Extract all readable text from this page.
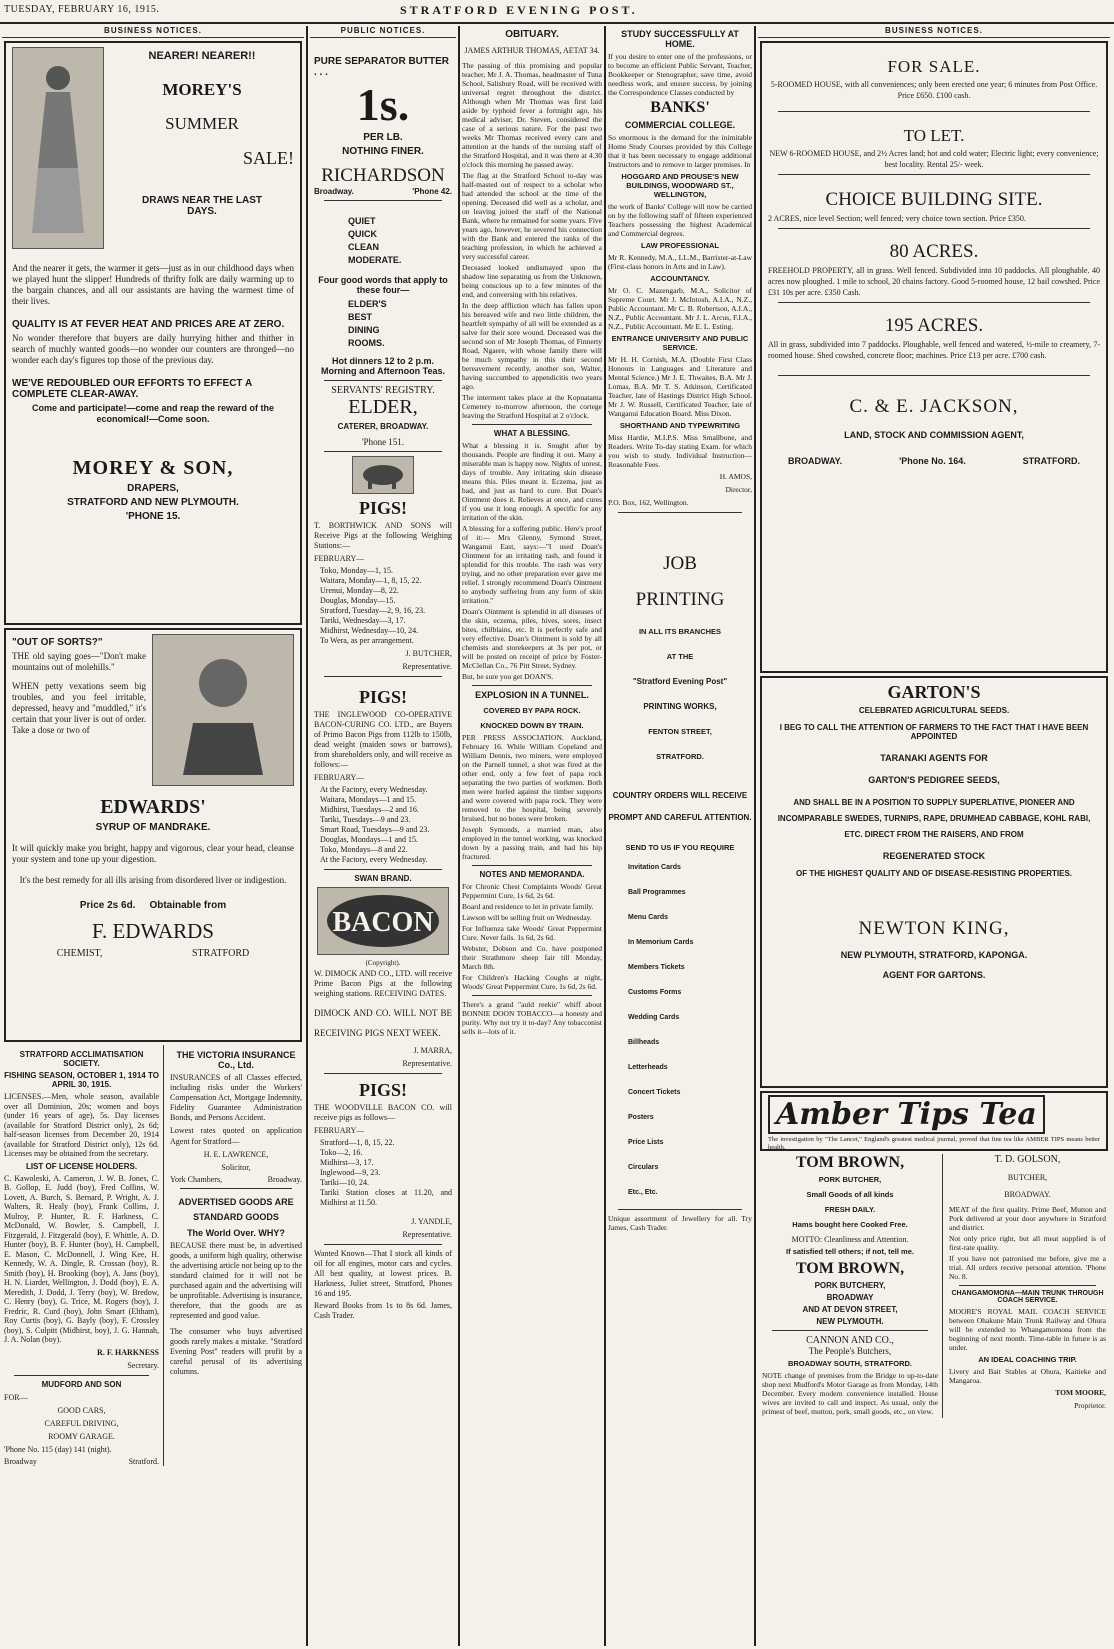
TUESDAY, FEBRUARY 16, 1915.	STRATFORD EVENING POST.
BUSINESS NOTICES.
NEARER! NEARER!!
MOREY'S
SUMMER
SALE!
DRAWS NEAR THE LAST DAYS.
And the nearer it gets, the warmer it gets—just as in our childhood days when we played hunt the slipper! Hundreds of thrifty folk are daily warming up to the bargain chances, and all our assistants are having the warmest time of their lives.
QUALITY IS AT FEVER HEAT AND PRICES ARE AT ZERO.
No wonder therefore that buyers are daily hurrying hither and thither in search of muchly wanted goods—no wonder our counters are thronged—no wonder each day's figures top those of the previous day.
WE'VE REDOUBLED OUR EFFORTS TO EFFECT A COMPLETE CLEAR-AWAY.
Come and participate!—come and reap the reward of the economical!—Come soon.
MOREY & SON,
DRAPERS,
STRATFORD AND NEW PLYMOUTH.
'PHONE 15.
"OUT OF SORTS?"
THE old saying goes—"Don't make mountains out of molehills."
WHEN petty vexations seem big troubles, and you feel irritable, depressed, heavy and "muddled," it's certain that your liver is out of order. Take a dose or two of
EDWARDS'
SYRUP OF MANDRAKE.
It will quickly make you bright, happy and vigorous, clear your head, cleanse your system and tone up your digestion.
It's the best remedy for all ills arising from disordered liver or indigestion.
Price 2s 6d. Obtainable from
F. EDWARDS
CHEMIST,	STRATFORD
STRATFORD ACCLIMATISATION SOCIETY.
FISHING SEASON, OCTOBER 1, 1914 TO APRIL 30, 1915.
LICENSES.—Men, whole season, available over all Dominion, 20s; women and boys (under 16 years of age), 5s. Day licenses (available for Stratford District only), 2s 6d; half-season licenses from December 20, 1914 (available for Stratford District only), 12s 6d. Licenses may be obtained from the secretary.
LIST OF LICENSE HOLDERS.
C. Kawoleski, A. Cameron, J. W. B. Jones, C. B. Gollop, E. Judd (boy), Fred Collins, W. Lovett, A. Burch, S. Bernard, P. Wright, A. J. Walters, R. Healy (boy), Frank Collins, J. Mulroy, P. Hunter, R. F. Harkness, C. McDonald, W. Bowler, S. Campbell, J. Fitzgerald, J. Fitzgerald (boy), F. Whittle, A. D. Hunter (boy), B. F. Hunter (boy), H. Campbell, E. Mason, C. McDonnell, J. Wing Kee, H. Kennedy, W. A. Dingle, R. Crossan (boy), R. Smith (boy), H. Brooking (boy), A. Jans (boy), H. N. Liardet, Wellington, J. Dodd (boy), E. A. Meredith, J. Dodd, J. Terry (boy), W. Bredow, C. Henry (boy), G. Trice, M. Rogers (boy), J. Fredric, R. Curd (boy), John Smart (Eltham), Roy Curtis (boy), G. Bayly (boy), F. Crossley (boy), S. Culpitt (Midhirst, boy), J. G. Hannah, J. A. Nolan (boy).
R. F. HARKNESS
Secretary.
MUDFORD AND SON
FOR—
GOOD CARS,
CAREFUL DRIVING,
ROOMY GARAGE.
'Phone No. 115 (day) 141 (night).
Broadway	Stratford.
THE VICTORIA INSURANCE Co., Ltd.
INSURANCES of all Classes effected, including risks under the Workers' Compensation Act, Mortgage Indemnity, Fidelity Guarantee Administration Bonds, and Persons Accident.
Lowest rates quoted on application Agent for Stratford—
H. E. LAWRENCE,
Solicitor,
York Chambers,	Broadway.
ADVERTISED GOODS ARE STANDARD GOODS
The World Over. WHY?
BECAUSE there must be, in advertised goods, a uniform high quality, otherwise the advertising article not being up to the standard claimed for it will not be purchased again and the advertising will be unprofitable. Advertising is insurance, therefore, that the goods are as represented and good value.
The consumer who buys advertised goods rarely makes a mistake. "Stratford Evening Post" readers will profit by a careful perusal of its advertising columns.
PUBLIC NOTICES.
PURE SEPARATOR BUTTER . . .
1s.
PER LB.
NOTHING FINER.
RICHARDSON
Broadway.	'Phone 42.
QUIET
QUICK
CLEAN
MODERATE.
Four good words that apply to these four—
ELDER'S
BEST
DINING
ROOMS.
Hot dinners 12 to 2 p.m. Morning and Afternoon Teas.
SERVANTS' REGISTRY.
ELDER,
CATERER, BROADWAY.
'Phone 151.
PIGS!
T. BORTHWICK AND SONS will Receive Pigs at the following Weighing Stations:—
FEBRUARY—
Toko, Monday—1, 15.
Waitara, Monday—1, 8, 15, 22.
Urenui, Monday—8, 22.
Douglas, Monday—15.
Stratford, Tuesday—2, 9, 16, 23.
Tariki, Wednesday—3, 17.
Midhirst, Wednesday—10, 24.
To Wera, as per arrangement.
J. BUTCHER,
Representative.
PIGS!
THE INGLEWOOD CO-OPERATIVE BACON-CURING CO. LTD., are Buyers of Primo Bacon Pigs from 112lb to 150lb, dead weight (maiden sows or barrows), from shareholders only, and will receive as follows:—
FEBRUARY—
At the Factory, every Wednesday.
Waitara, Mondays—1 and 15.
Midhirst, Tuesdays—2 and 16.
Tariki, Tuesdays—9 and 23.
Smart Road, Tuesdays—9 and 23.
Douglas, Mondays—1 and 15.
Toko, Mondays—8 and 22.
At the Factory, every Wednesday.
SWAN BRAND.
BACON
(Copyright).
W. DIMOCK AND CO., LTD. will receive Prime Bacon Pigs at the following weighing stations. RECEIVING DATES.
DIMOCK AND CO. WILL NOT BE RECEIVING PIGS NEXT WEEK.
J. MARRA,
Representative.
PIGS!
THE WOODVILLE BACON CO. will receive pigs as follows—
FEBRUARY—
Stratford—1, 8, 15, 22.
Toko—2, 16.
Midhirst—3, 17.
Inglewood—9, 23.
Tariki—10, 24.
Tariki Station closes at 11.20, and Midhirst at 11.50.
J. YANDLE,
Representative.
Wanted Known—That I stock all kinds of oil for all engines, motor cars and cycles. All best quality, at lowest prices. B. Harkness, Juliet street, Stratford, Phones 16 and 195.
Reward Books from 1s to 8s 6d. James, Cash Trader.
OBITUARY.
JAMES ARTHUR THOMAS, AETAT 34.
The passing of this promising and popular teacher, Mr J. A. Thomas, headmaster of Tuna School, Salisbury Road, will be received with universal regret throughout the district. Although when Mr Thomas was first laid aside by typhoid fever a fortnight ago, his medical adviser, Dr. Steven, considered the case of a serious nature. For the past two weeks Mr Thomas received every care and attention at the hands of the nursing staff of the Stratford Hospital, and it was there at 4.30 o'clock this morning he passed away.
The flag at the Stratford School to-day was half-masted out of respect to a scholar who had attended the school at the time of the opening. Deceased did well as a scholar, and on leaving joined the staff of the National Bank, where he remained for some years. Five years ago, however, he severed his connection with the Bank and entered the ranks of the teaching profession, in which he achieved a very successful career.
Deceased looked undismayed upon the shadow line separating us from the Unknown, being conscious up to a few minutes of the end, and conversing with his relatives.
In the deep affliction which has fallen upon his bereaved wife and two little children, the heartfelt sympathy of all will be extended as a salve for their sore wound. Deceased was the second son of Mr Joseph Thomas, of Finnerty Road, Ngaere, with whose family there will be much sympathy in this their second bereavement recently, another son, Walter, having succumbed to appendicitis two years ago.
The interment takes place at the Kopuatama Cemetery to-morrow afternoon, the cortege leaving the Stratford Hospital at 2 o'clock.
WHAT A BLESSING.
What a blessing it is. Sought after by thousands. People are finding it out. Many a miserable man is happy now. Nights of unrest, days of trouble. Any irritating skin disease means this. Piles meant it. Eczema, just as bad, and just as hard to cure. But Doan's Ointment does it. Relieves at once, and cures if you use it long enough. A specific for any irritation of the skin.
A blessing for a suffering public. Here's proof of it:— Mrs Glenny, Symond Street, Wanganui East, says:—"I used Doan's Ointment for an irritating rash, and found it splendid for this trouble. The rash was very trying, and no other preparation ever gave me relief. I strongly recommend Doan's Ointment to anybody suffering from any form of skin irritation."
Doan's Ointment is splendid in all diseases of the skin, eczema, piles, hives, sores, insect bites, chilblains, etc. It is perfectly safe and very effective. Doan's Ointment is sold by all chemists and storekeepers at 3s per pot, or will be posted on receipt of price by Foster-McClellan Co., 76 Pitt Street, Sydney.
But, be sure you get DOAN'S.
EXPLOSION IN A TUNNEL.
COVERED BY PAPA ROCK.
KNOCKED DOWN BY TRAIN.
PER PRESS ASSOCIATION. Auckland, February 16. While William Copeland and William Dennis, two miners, were employed on the Parnell tunnel, a shot was fired at the other end, only a few feet of papa rock separating the two parties of workmen. Both men were hurled against the timber supports and were covered with papa rock. They were removed to the hospital, being severely bruised, but no bones were broken.
Joseph Symonds, a married man, also employed in the tunnel working, was knocked down by a passing train, and had his hip fractured.
NOTES AND MEMORANDA.
For Chronic Chest Complaints Woods' Great Peppermint Cure, 1s 6d, 2s 6d.
Board and residence to let in private family.
Lawson will be selling fruit on Wednesday.
For Influenza take Woods' Great Peppermint Cure. Never fails. 1s 6d, 2s 6d.
Webster, Dobson and Co. have postponed their Strathmore sheep fair till Monday, March 8th.
For Children's Hacking Coughs at night, Woods' Great Peppermint Cure, 1s 6d, 2s 6d.
There's a grand "auld reekie" whiff about BONNIE DOON TOBACCO—a honesty and purity. Why not try it to-day? Any tobacconist sells it—lots of it.
STUDY SUCCESSFULLY AT HOME.
If you desire to enter one of the professions, or to become an efficient Public Servant, Teacher, Bookkeeper or Stenographer, save time, avoid needless work, and ensure success, by joining the Correspondence Classes conducted by
BANKS'
COMMERCIAL COLLEGE.
So enormous is the demand for the inimitable Home Study Courses provided by this College that it has been necessary to engage additional Instructors and to remove to larger premises. In
HOGGARD AND PROUSE'S NEW BUILDINGS, WOODWARD ST., WELLINGTON,
the work of Banks' College will now be carried on by the following staff of fifteen experienced Teachers possessing the highest Academical and Commercial degrees.
LAW PROFESSIONAL
Mr R. Kennedy, M.A., LL.M., Barrister-at-Law (First-class honors in Arts and in Law).
ACCOUNTANCY.
Mr O. C. Mazengarb, M.A., Solicitor of Supreme Court. Mr J. McIntosh, A.I.A., N.Z., Public Accountant. Mr C. B. Robertson, A.I.A., N.Z., Public Accountant. Mr J. L. Arcus, F.I.A., N.Z., Public Accountant. Mr E. L. Esting.
ENTRANCE UNIVERSITY AND PUBLIC SERVICE.
Mr H. H. Cornish, M.A. (Double First Class Honours in Languages and Literature and Mental Science.) Mr J. E. Thwaites, B.A. Mr J. Lomas, B.A. Mr T. S. Atkinson, Certificated Teacher, late of Hastings District High School. Mr J. W. Russell, Certificated Teacher, late of Wanganui Education Board. Miss Dixon.
SHORTHAND AND TYPEWRITING
Miss Hardie, M.I.P.S. Miss Smallbone, and Readers. Write To-day stating Exam. for which you wish to study. Individual Instruction—Reasonable Fees.
H. AMOS,
Director,
P.O. Box, 162, Wellington.
JOB
PRINTING
IN ALL ITS BRANCHES
AT THE
"Stratford Evening Post"
PRINTING WORKS,
FENTON STREET,
STRATFORD.
COUNTRY ORDERS WILL RECEIVE PROMPT AND CAREFUL ATTENTION.
SEND TO US IF YOU REQUIRE
Invitation Cards
Ball Programmes
Menu Cards
In Memorium Cards
Members Tickets
Customs Forms
Wedding Cards
Billheads
Letterheads
Concert Tickets
Posters
Price Lists
Circulars
Etc., Etc.
Unique assortment of Jewellery for all. Try James, Cash Trader.
BUSINESS NOTICES.
FOR SALE.
5-ROOMED HOUSE, with all conveniences; only been erected one year; 6 minutes from Post Office. Price £650. £100 cash.
TO LET.
NEW 6-ROOMED HOUSE, and 2½ Acres land; hot and cold water; Electric light; every convenience; best locality. Rental 25/- week.
CHOICE BUILDING SITE.
2 ACRES, nice level Section; well fenced; very choice town section. Price £350.
80 ACRES.
FREEHOLD PROPERTY, all in grass. Well fenced. Subdivided into 10 paddocks. All ploughable. 40 acres now ploughed. 1 mile to school, 20 chains factory. Good 5-roomed house, 12 bail cowshed. Price £31 10s per acre. £350 Cash.
195 ACRES.
All in grass, subdivided into 7 paddocks. Ploughable, well fenced and watered, ½-mile to creamery, 7-roomed house. Shed cowshed, concrete floor; machines. Price £13 per acre. £700 cash.
C. & E. JACKSON,
LAND, STOCK AND COMMISSION AGENT,
BROADWAY.	'Phone No. 164.	STRATFORD.
GARTON'S
CELEBRATED AGRICULTURAL SEEDS.
I BEG TO CALL THE ATTENTION OF FARMERS TO THE FACT THAT I HAVE BEEN APPOINTED
TARANAKI AGENTS FOR
GARTON'S PEDIGREE SEEDS,
AND SHALL BE IN A POSITION TO SUPPLY SUPERLATIVE, PIONEER AND INCOMPARABLE SWEDES, TURNIPS, RAPE, DRUMHEAD CABBAGE, KOHL RABI, ETC. DIRECT FROM THE RAISERS, AND FROM
REGENERATED STOCK
OF THE HIGHEST QUALITY AND OF DISEASE-RESISTING PROPERTIES.
NEWTON KING,
NEW PLYMOUTH, STRATFORD, KAPONGA.
AGENT FOR GARTONS.
Amber Tips Tea
The investigation by "The Lancet," England's greatest medical journal, proved that fine tea like AMBER TIPS means better health.
TOM BROWN,
PORK BUTCHER,
Small Goods of all kinds
FRESH DAILY.
Hams bought here Cooked Free.
MOTTO: Cleanliness and Attention.
If satisfied tell others; if not, tell me.
TOM BROWN,
PORK BUTCHERY,
BROADWAY
AND AT DEVON STREET,
NEW PLYMOUTH.
CANNON AND CO.,
The People's Butchers,
BROADWAY SOUTH, STRATFORD.
NOTE change of premises from the Bridge to up-to-date shop next Mudford's Motor Garage as from Monday, 14th December. Every modern convenience installed. House wives are invited to call and inspect. As usual, only the primest of beef, mutton, pork, small goods, etc., on view.
T. D. GOLSON,
BUTCHER,
BROADWAY.
MEAT of the first quality. Prime Beef, Mutton and Pork delivered at your door anywhere in Stratford and district.
Not only price right, but all meat supplied is of first-rate quality.
If you have not patronised me before, give me a trial. All orders receive personal attention. 'Phone No. 8.
CHANGAMOMONA—MAIN TRUNK THROUGH COACH SERVICE.
MOORE'S ROYAL MAIL COACH SERVICE between Ohakune Main Trunk Railway and Ohura will be extended to Whangamomona from the beginning of next month. Time-table in future is as under.
AN IDEAL COACHING TRIP.
Livery and Bait Stables at Ohura, Kaitieke and Mangaroa.
TOM MOORE,
Proprietor.
